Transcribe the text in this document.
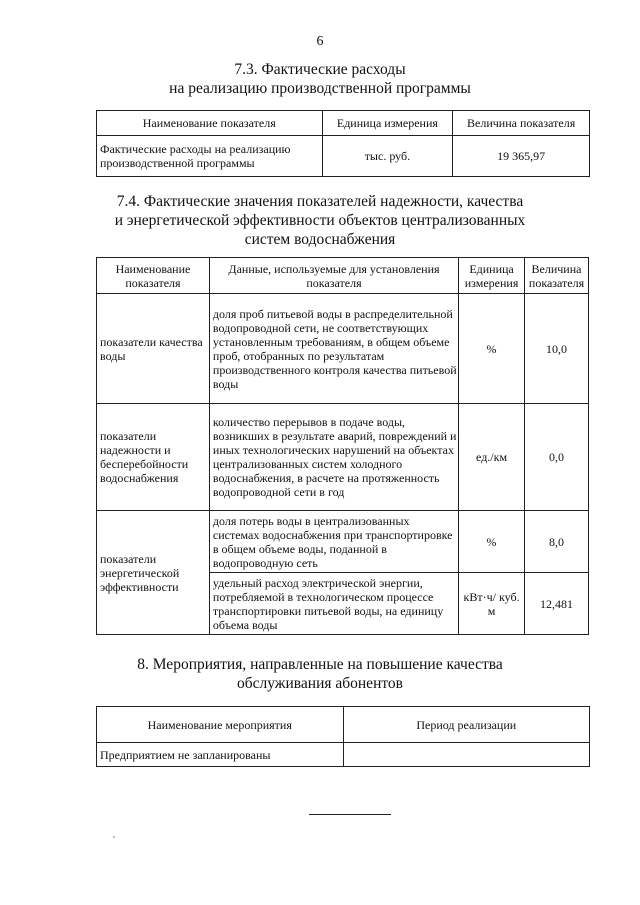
6
7.3. Фактические расходы
на реализацию производственной программы
Наименование показателя	Единица измерения	Величина показателя
Фактические расходы на реализацию производственной программы	тыс. руб.	19 365,97
7.4. Фактические значения показателей надежности, качества
и энергетической эффективности объектов централизованных
систем водоснабжения
Наименование показателя	Данные, используемые для установления показателя	Единица измерения	Величина показателя
показатели качества воды	доля проб питьевой воды в распределительной водопроводной сети, не соответствующих установленным требованиям, в общем объеме проб, отобранных по результатам производственного контроля качества питьевой воды	%	10,0
показатели надежности и бесперебойности водоснабжения	количество перерывов в подаче воды, возникших в результате аварий, повреждений и иных технологических нарушений на объектах централизованных систем холодного водоснабжения, в расчете на протяженность водопроводной сети в год	ед./км	0,0
показатели энергетической эффективности	доля потерь воды в централизованных системах водоснабжения при транспортировке в общем объеме воды, поданной в водопроводную сеть	%	8,0
	удельный расход электрической энергии, потребляемой в технологическом процессе транспортировки питьевой воды, на единицу объема воды	кВт·ч/ куб. м	12,481
8. Мероприятия, направленные на повышение качества
обслуживания абонентов
Наименование мероприятия	Период реализации
Предприятием не запланированы	
